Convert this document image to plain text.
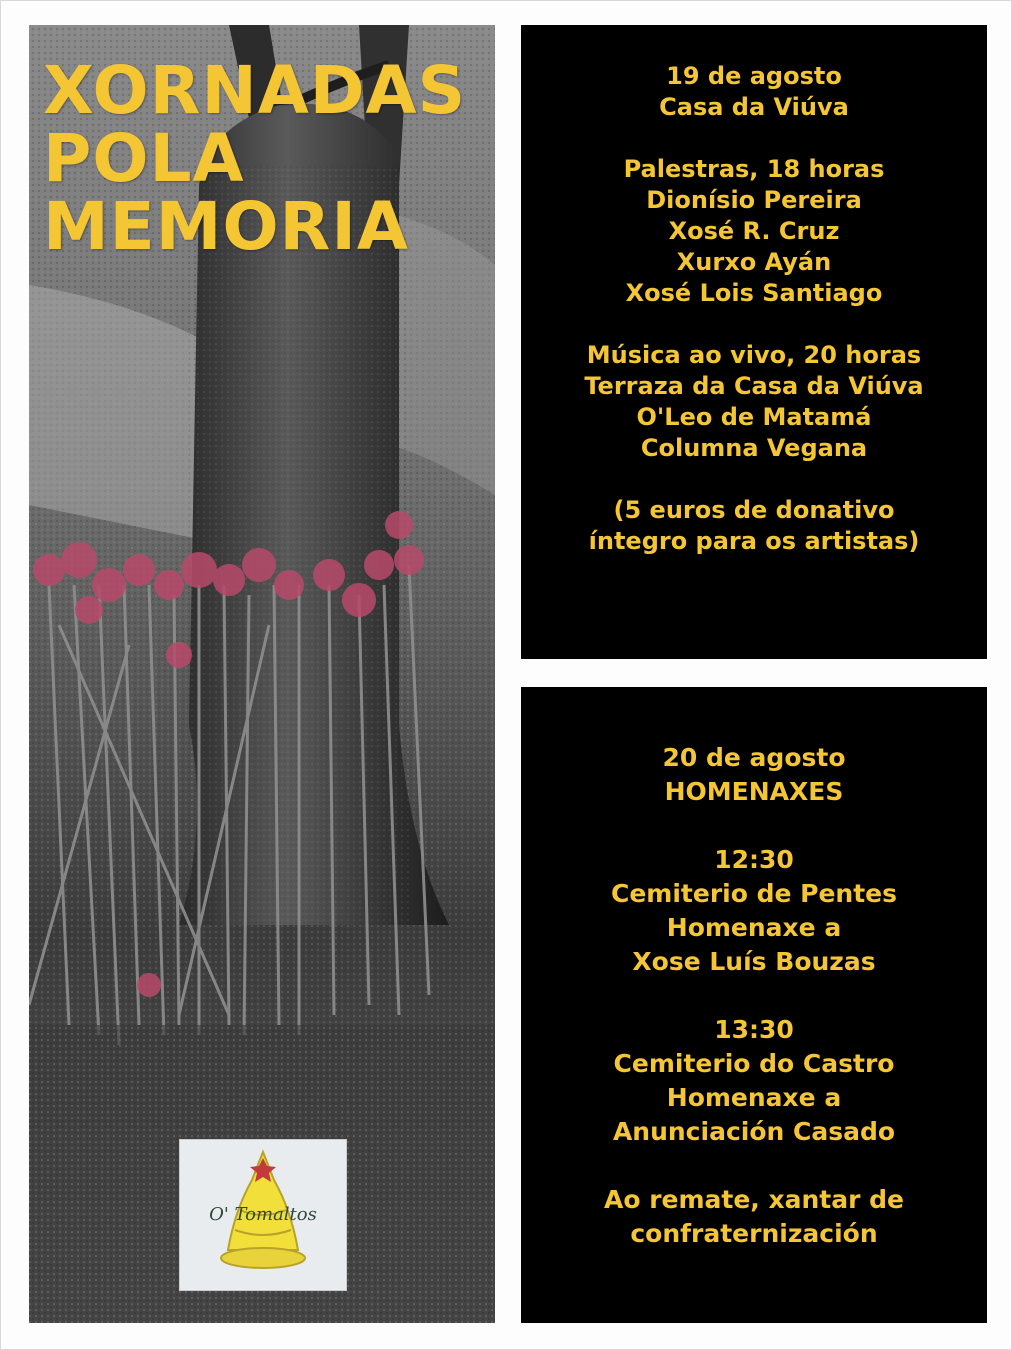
XORNADAS
POLA
MEMORIA
O' Tomaltos
19 de agosto
Casa da Viúva
Palestras, 18 horas
Dionísio Pereira
Xosé R. Cruz
Xurxo Ayán
Xosé Lois Santiago
Música ao vivo, 20 horas
Terraza da Casa da Viúva
O'Leo de Matamá
Columna Vegana
(5 euros de donativo
íntegro para os artistas)
20 de agosto
HOMENAXES
12:30
Cemiterio de Pentes
Homenaxe a
Xose Luís Bouzas
13:30
Cemiterio do Castro
Homenaxe a
Anunciación Casado
Ao remate, xantar de
confraternización
